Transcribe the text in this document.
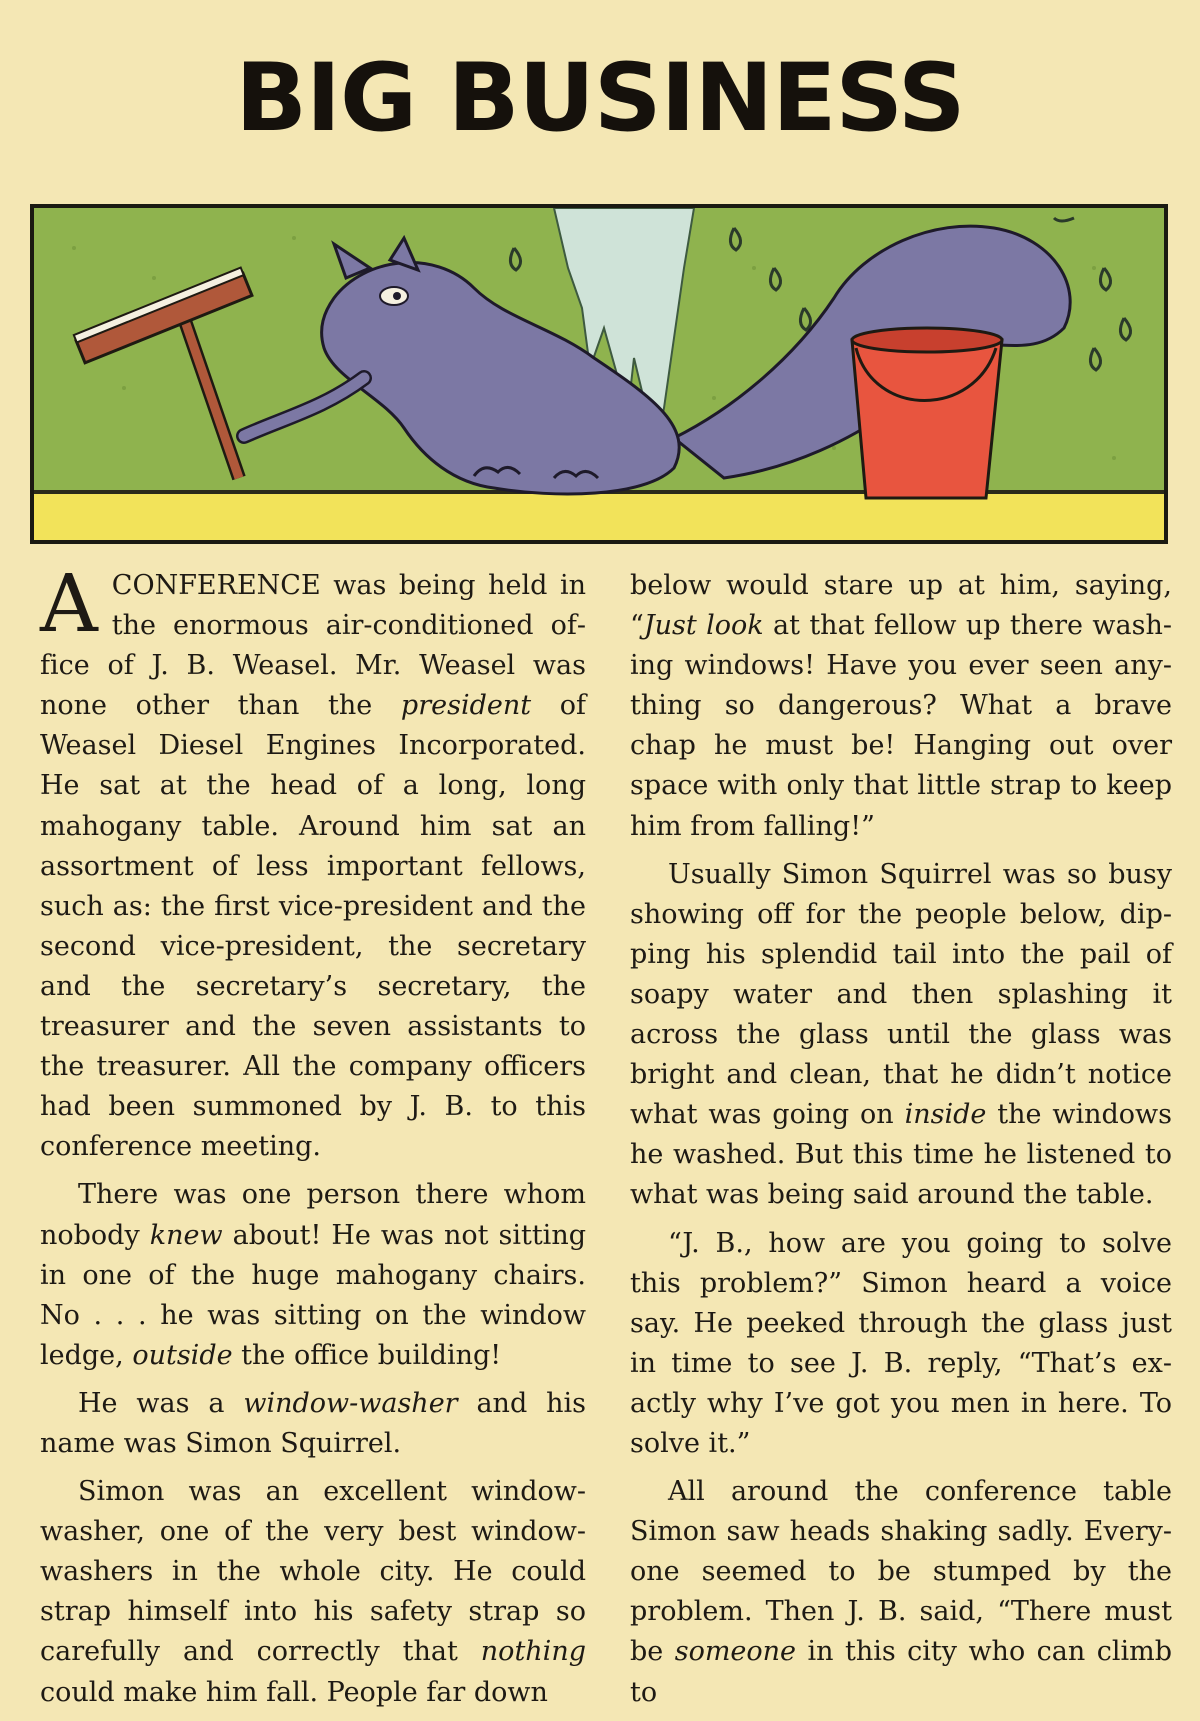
BIG BUSINESS

A CONFERENCE was being held in the enormous air-conditioned office of J. B. Weasel. Mr. Weasel was none other than the president of Weasel Diesel Engines Incorporated. He sat at the head of a long, long mahogany table. Around him sat an assortment of less important fellows, such as: the first vice-president and the second vice-president, the secretary and the secretary’s secretary, the treasurer and the seven assistants to the treasurer. All the company officers had been summoned by J. B. to this conference meeting.

There was one person there whom nobody knew about! He was not sitting in one of the huge mahogany chairs. No . . . he was sitting on the window ledge, outside the office building!

He was a window-washer and his name was Simon Squirrel.

Simon was an excellent window-washer, one of the very best window-washers in the whole city. He could strap himself into his safety strap so carefully and correctly that nothing could make him fall. People far down

below would stare up at him, saying, “Just look at that fellow up there washing windows! Have you ever seen anything so dangerous? What a brave chap he must be! Hanging out over space with only that little strap to keep him from falling!”

Usually Simon Squirrel was so busy showing off for the people below, dipping his splendid tail into the pail of soapy water and then splashing it across the glass until the glass was bright and clean, that he didn’t notice what was going on inside the windows he washed. But this time he listened to what was being said around the table.

“J. B., how are you going to solve this problem?” Simon heard a voice say. He peeked through the glass just in time to see J. B. reply, “That’s exactly why I’ve got you men in here. To solve it.”

All around the conference table Simon saw heads shaking sadly. Everyone seemed to be stumped by the problem. Then J. B. said, “There must be someone in this city who can climb to
